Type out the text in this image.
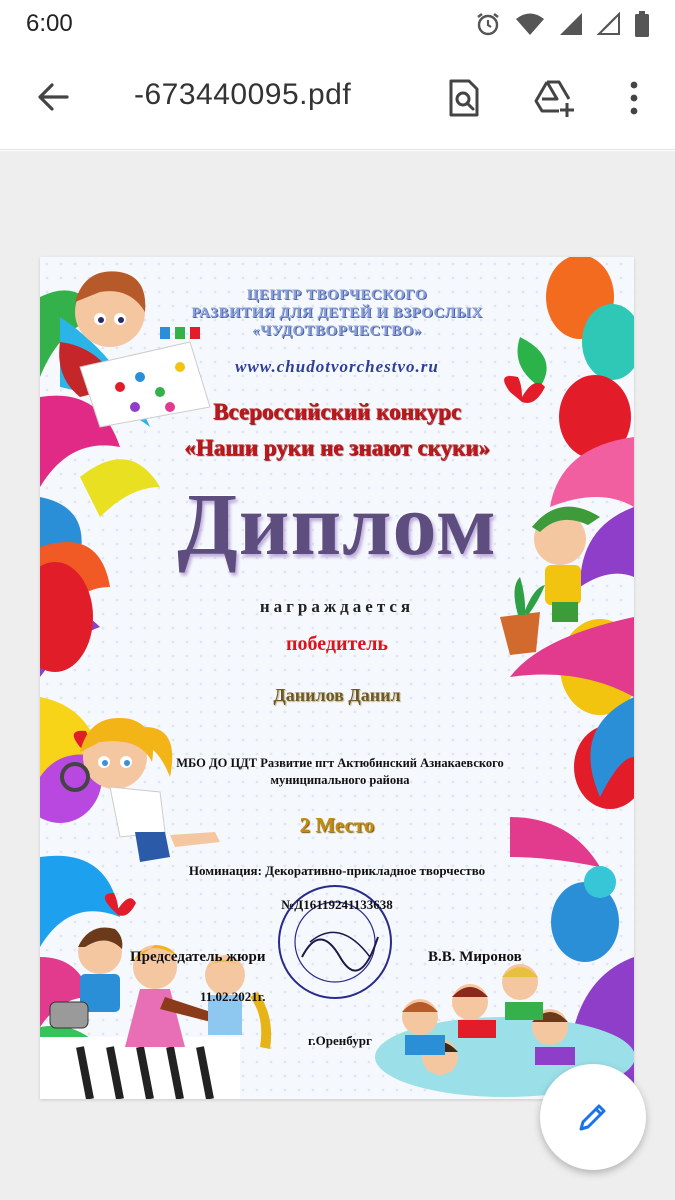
6:00
-673440095.pdf
ЦЕНТР ТВОРЧЕСКОГО
РАЗВИТИЯ ДЛЯ ДЕТЕЙ И ВЗРОСЛЫХ
«ЧУДОТВОРЧЕСТВО»
www.chudotvorchestvo.ru
Всероссийский конкурс
«Наши руки не знают скуки»
Диплом
награждается
победитель
Данилов Данил
МБО ДО ЦДТ Развитие пгт Актюбинский Азнакаевского
муниципального района
2 Место
Номинация: Декоративно-прикладное творчество
№Д16119241133638
Председатель жюри	В.В. Миронов
11.02.2021г.
г.Оренбург
